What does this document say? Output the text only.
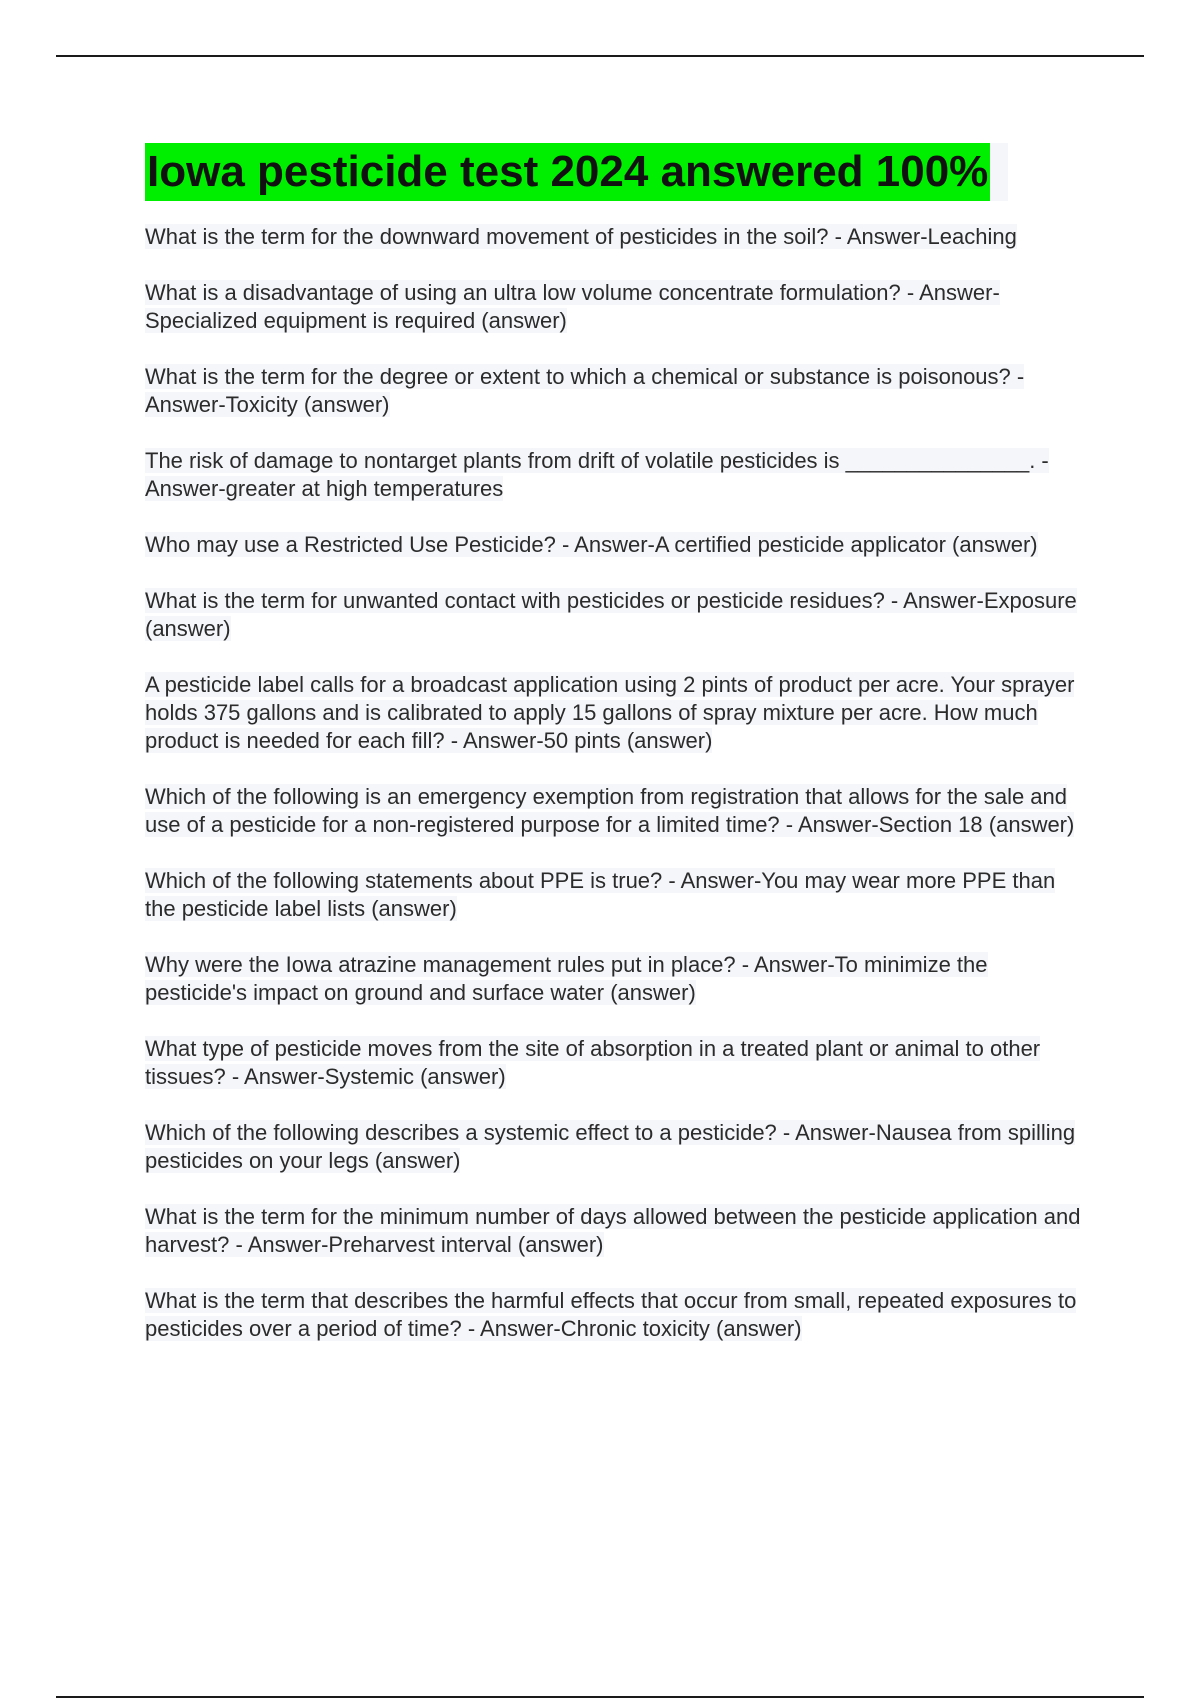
Iowa pesticide test 2024 answered 100%
What is the term for the downward movement of pesticides in the soil? - Answer-Leaching
What is a disadvantage of using an ultra low volume concentrate formulation? - Answer-Specialized equipment is required (answer)
What is the term for the degree or extent to which a chemical or substance is poisonous? - Answer-Toxicity (answer)
The risk of damage to nontarget plants from drift of volatile pesticides is _______________. - Answer-greater at high temperatures
Who may use a Restricted Use Pesticide? - Answer-A certified pesticide applicator (answer)
What is the term for unwanted contact with pesticides or pesticide residues? - Answer-Exposure (answer)
A pesticide label calls for a broadcast application using 2 pints of product per acre. Your sprayer holds 375 gallons and is calibrated to apply 15 gallons of spray mixture per acre. How much product is needed for each fill? - Answer-50 pints (answer)
Which of the following is an emergency exemption from registration that allows for the sale and use of a pesticide for a non-registered purpose for a limited time? - Answer-Section 18 (answer)
Which of the following statements about PPE is true? - Answer-You may wear more PPE than the pesticide label lists (answer)
Why were the Iowa atrazine management rules put in place? - Answer-To minimize the pesticide's impact on ground and surface water (answer)
What type of pesticide moves from the site of absorption in a treated plant or animal to other tissues? - Answer-Systemic (answer)
Which of the following describes a systemic effect to a pesticide? - Answer-Nausea from spilling pesticides on your legs (answer)
What is the term for the minimum number of days allowed between the pesticide application and harvest? - Answer-Preharvest interval (answer)
What is the term that describes the harmful effects that occur from small, repeated exposures to pesticides over a period of time? - Answer-Chronic toxicity (answer)
